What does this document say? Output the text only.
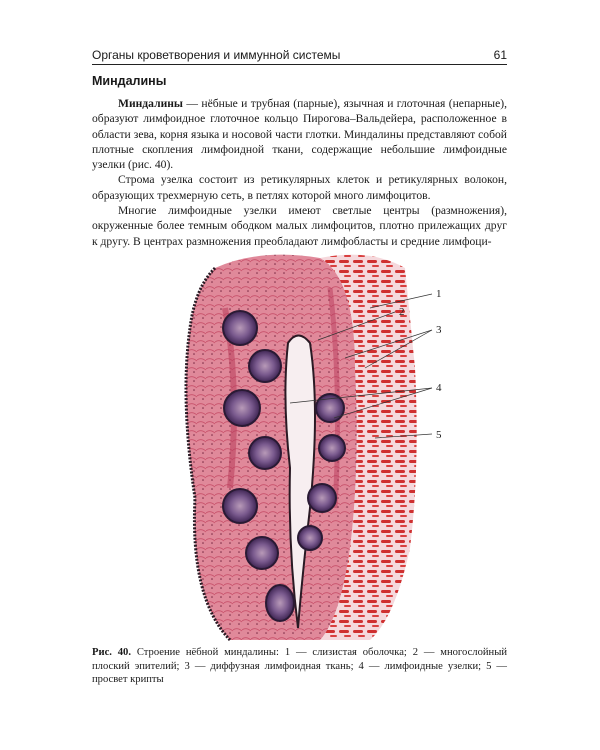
Органы кроветворения и иммунной системы	61
Миндалины

Миндалины — нёбные и трубная (парные), язычная и глоточная (непарные), образуют лимфоидное глоточное кольцо Пирогова–Вальдейера, расположенное в области зева, корня языка и носовой части глотки. Миндалины представляют собой плотные скопления лимфоидной ткани, содержащие небольшие лимфоидные узелки (рис. 40).

Строма узелка состоит из ретикулярных клеток и ретикулярных волокон, образующих трехмерную сеть, в петлях которой много лимфоцитов.

Многие лимфоидные узелки имеют светлые центры (размножения), окруженные более темным ободком малых лимфоцитов, плотно прилежащих друг к другу. В центрах размножения преобладают лимфобласты и средние лимфоци-

1
2
3
4
5
Рис. 40. Строение нёбной миндалины: 1 — слизистая оболочка; 2 — многослойный плоский эпителий; 3 — диффузная лимфоидная ткань; 4 — лимфоидные узелки; 5 — просвет крипты
